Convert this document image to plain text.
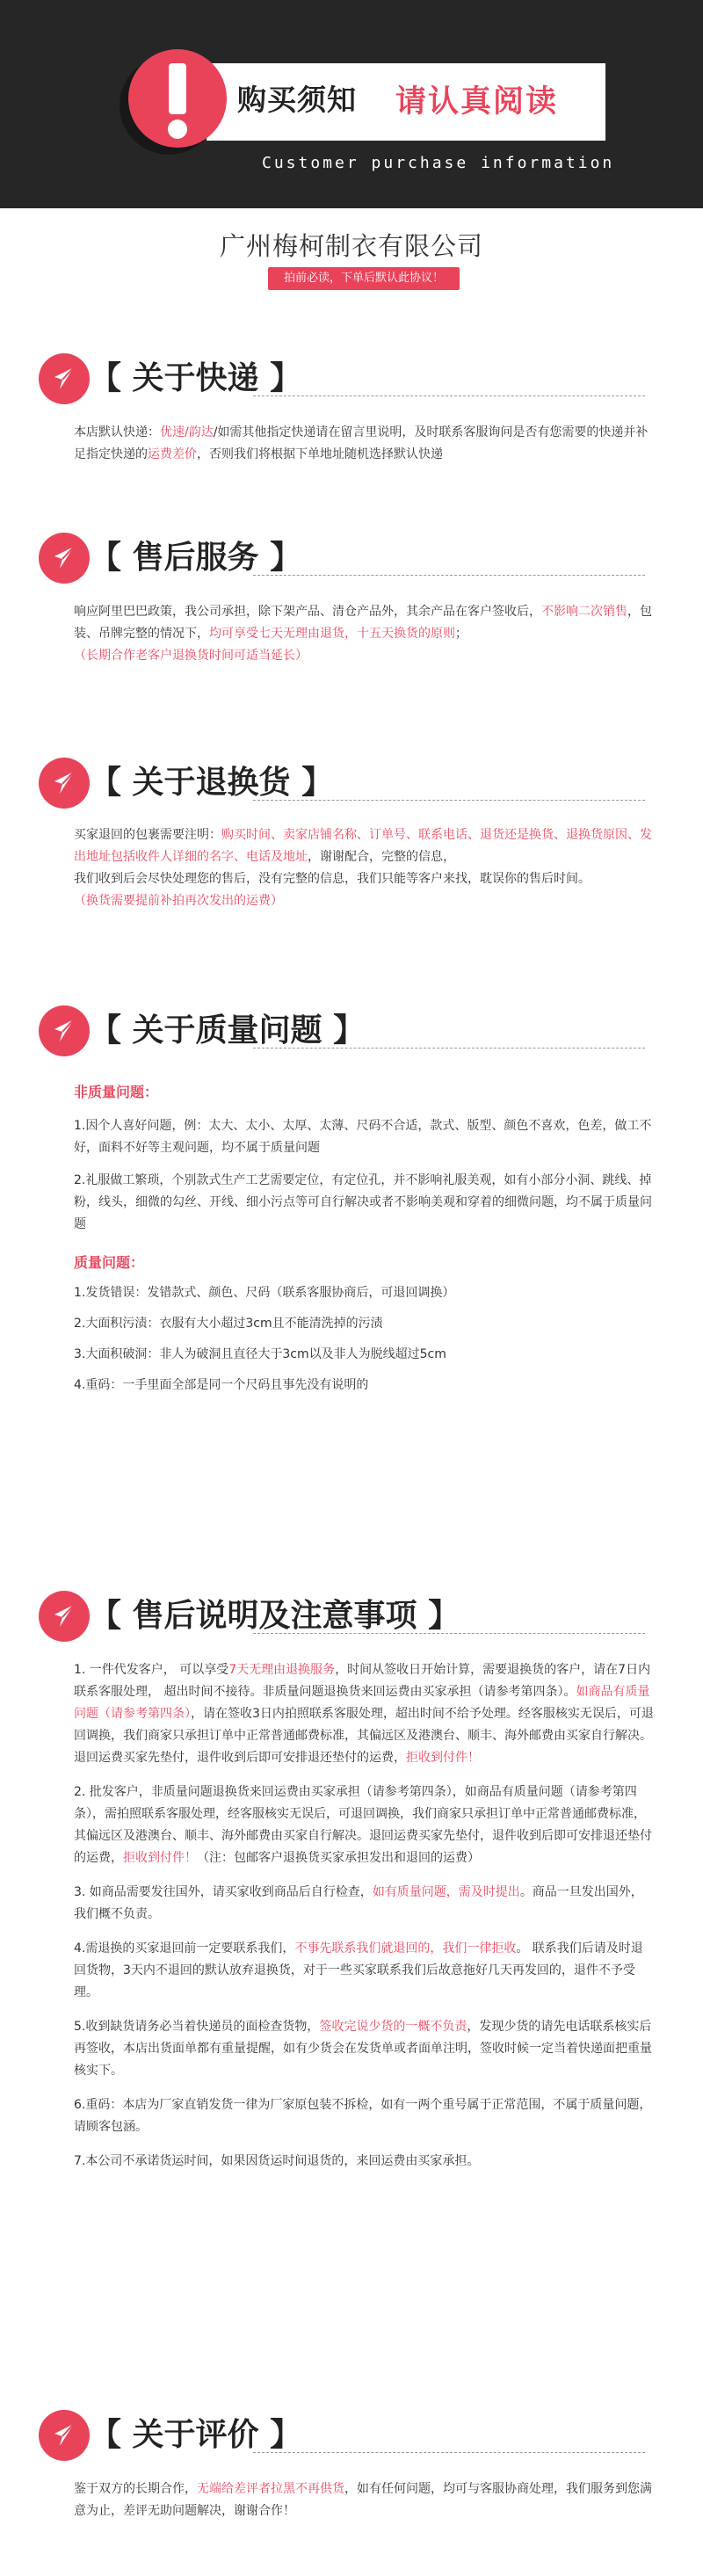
购买须知 请认真阅读
Customer purchase information
广州梅柯制衣有限公司
拍前必读，下单后默认此协议！
【 关于快递 】

本店默认快递：优速/韵达/如需其他指定快递请在留言里说明，及时联系客服询问是否有您需要的快递并补足指定快递的运费差价，否则我们将根据下单地址随机选择默认快递

【 售后服务 】

响应阿里巴巴政策，我公司承担，除下架产品、清仓产品外，其余产品在客户签收后，不影响二次销售，包装、吊牌完整的情况下，均可享受七天无理由退货，十五天换货的原则；

（长期合作老客户退换货时间可适当延长）

【 关于退换货 】

买家退回的包裹需要注明：购买时间、卖家店铺名称、订单号、联系电话、退货还是换货、退换货原因、发出地址包括收件人详细的名字、电话及地址，谢谢配合，完整的信息，

我们收到后会尽快处理您的售后，没有完整的信息，我们只能等客户来找，耽误你的售后时间。

（换货需要提前补拍再次发出的运费）

【 关于质量问题 】

非质量问题：

1.因个人喜好问题，例：太大、太小、太厚、太薄、尺码不合适，款式、版型、颜色不喜欢，色差，做工不好，面料不好等主观问题，均不属于质量问题

2.礼服做工繁琐，个别款式生产工艺需要定位，有定位孔，并不影响礼服美观，如有小部分小洞、跳线、掉粉，线头，细微的勾丝、开线、细小污点等可自行解决或者不影响美观和穿着的细微问题，均不属于质量问题

质量问题：

1.发货错误：发错款式、颜色、尺码（联系客服协商后，可退回调换）

2.大面积污渍：衣服有大小超过3cm且不能清洗掉的污渍

3.大面积破洞：非人为破洞且直径大于3cm以及非人为脱线超过5cm

4.重码：一手里面全部是同一个尺码且事先没有说明的

【 售后说明及注意事项 】

1. 一件代发客户， 可以享受7天无理由退换服务，时间从签收日开始计算，需要退换货的客户，请在7日内联系客服处理， 超出时间不接待。非质量问题退换货来回运费由买家承担（请参考第四条）。如商品有质量问题（请参考第四条），请在签收3日内拍照联系客服处理，超出时间不给予处理。经客服核实无误后，可退回调换，我们商家只承担订单中正常普通邮费标准，其偏远区及港澳台、顺丰、海外邮费由买家自行解决。退回运费买家先垫付，退件收到后即可安排退还垫付的运费，拒收到付件！

2. 批发客户，非质量问题退换货来回运费由买家承担（请参考第四条），如商品有质量问题（请参考第四条），需拍照联系客服处理，经客服核实无误后，可退回调换，我们商家只承担订单中正常普通邮费标准，其偏远区及港澳台、顺丰、海外邮费由买家自行解决。退回运费买家先垫付，退件收到后即可安排退还垫付的运费，拒收到付件！（注：包邮客户退换货买家承担发出和退回的运费）

3. 如商品需要发往国外，请买家收到商品后自行检查，如有质量问题，需及时提出。商品一旦发出国外，我们概不负责。

4.需退换的买家退回前一定要联系我们，不事先联系我们就退回的，我们一律拒收。 联系我们后请及时退回货物，3天内不退回的默认放弃退换货，对于一些买家联系我们后故意拖好几天再发回的，退件不予受理。

5.收到缺货请务必当着快递员的面检查货物，签收完说少货的一概不负责，发现少货的请先电话联系核实后再签收，本店出货面单都有重量提醒，如有少货会在发货单或者面单注明，签收时候一定当着快递面把重量核实下。

6.重码：本店为厂家直销发货一律为厂家原包装不拆检，如有一两个重号属于正常范围，不属于质量问题，请顾客包涵。

7.本公司不承诺货运时间，如果因货运时间退货的，来回运费由买家承担。

【 关于评价 】

鉴于双方的长期合作，无端给差评者拉黑不再供货，如有任何问题，均可与客服协商处理，我们服务到您满意为止，差评无助问题解决，谢谢合作！
